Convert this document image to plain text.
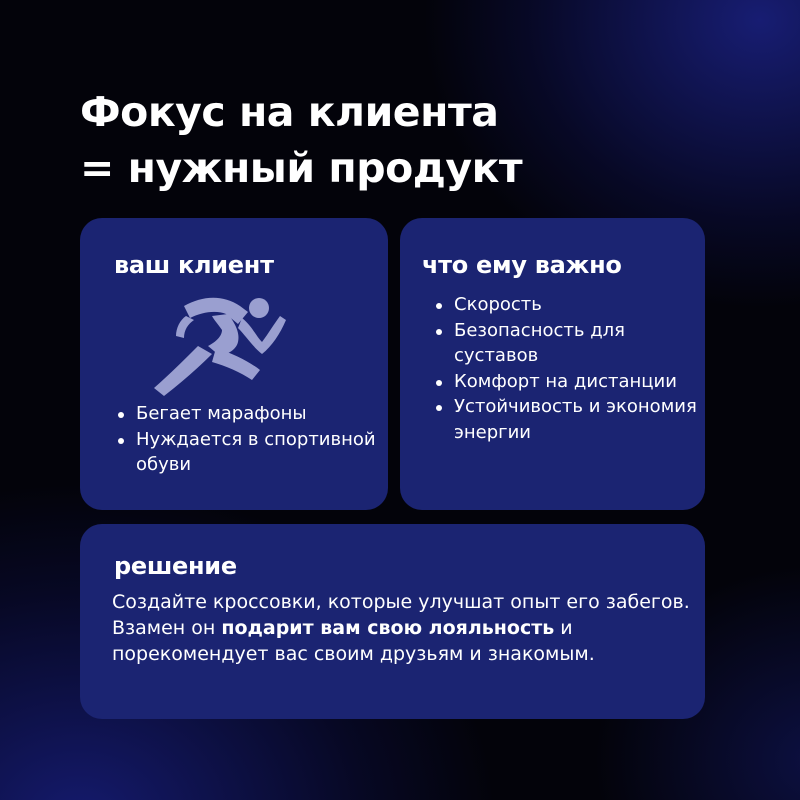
Фокус на клиента
= нужный продукт
ваш клиент
Бегает марафоны
Нуждается в спортивной обуви
что ему важно
Скорость
Безопасность для суставов
Комфорт на дистанции
Устойчивость и экономия энергии
решение

Создайте кроссовки, которые улучшат опыт его забегов. Взамен он подарит вам свою лояльность и порекомендует вас своим друзьям и знакомым.
